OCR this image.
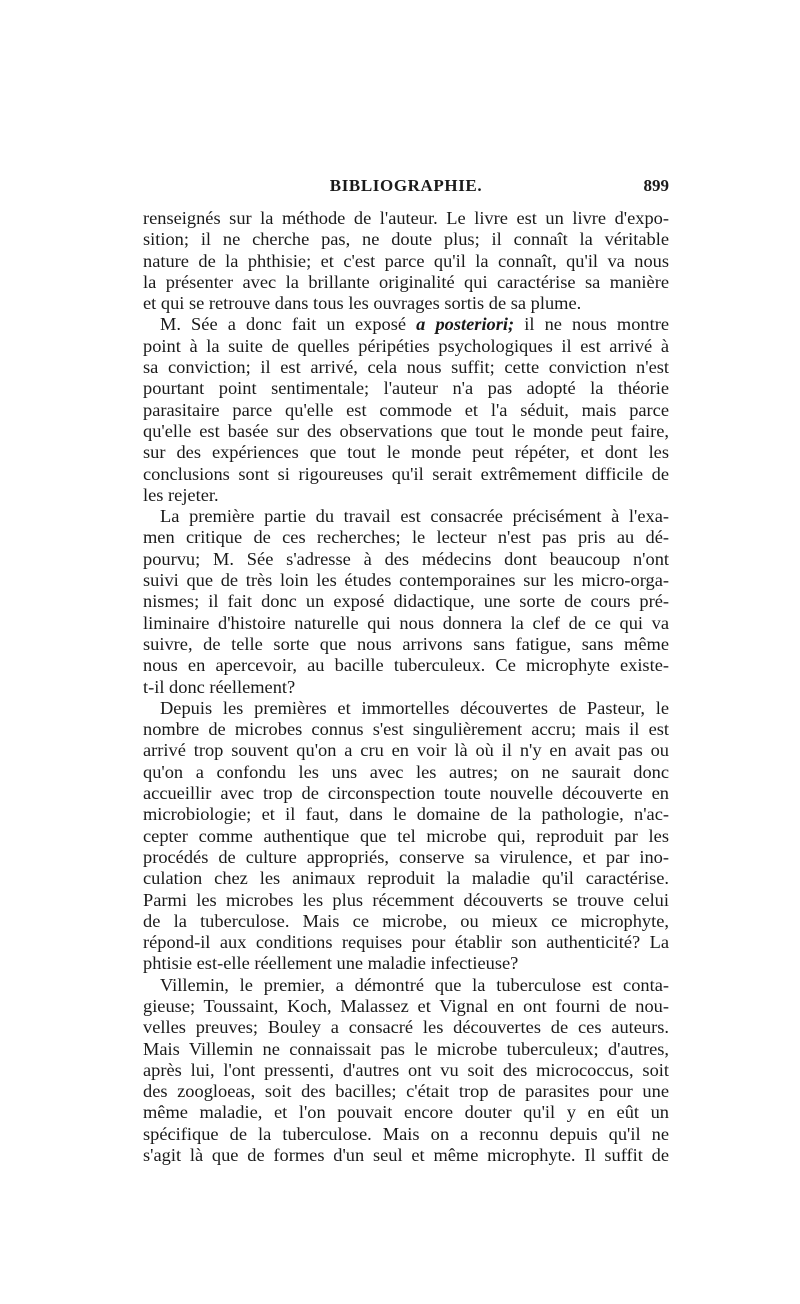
BIBLIOGRAPHIE.	899
renseignés sur la méthode de l'auteur. Le livre est un livre d'expo-
sition; il ne cherche pas, ne doute plus; il connaît la véritable
nature de la phthisie; et c'est parce qu'il la connaît, qu'il va nous
la présenter avec la brillante originalité qui caractérise sa manière
et qui se retrouve dans tous les ouvrages sortis de sa plume.
M. Sée a donc fait un exposé a posteriori; il ne nous montre
point à la suite de quelles péripéties psychologiques il est arrivé à
sa conviction; il est arrivé, cela nous suffit; cette conviction n'est
pourtant point sentimentale; l'auteur n'a pas adopté la théorie
parasitaire parce qu'elle est commode et l'a séduit, mais parce
qu'elle est basée sur des observations que tout le monde peut faire,
sur des expériences que tout le monde peut répéter, et dont les
conclusions sont si rigoureuses qu'il serait extrêmement difficile de
les rejeter.
La première partie du travail est consacrée précisément à l'exa-
men critique de ces recherches; le lecteur n'est pas pris au dé-
pourvu; M. Sée s'adresse à des médecins dont beaucoup n'ont
suivi que de très loin les études contemporaines sur les micro-orga-
nismes; il fait donc un exposé didactique, une sorte de cours pré-
liminaire d'histoire naturelle qui nous donnera la clef de ce qui va
suivre, de telle sorte que nous arrivons sans fatigue, sans même
nous en apercevoir, au bacille tuberculeux. Ce microphyte existe-
t-il donc réellement?
Depuis les premières et immortelles découvertes de Pasteur, le
nombre de microbes connus s'est singulièrement accru; mais il est
arrivé trop souvent qu'on a cru en voir là où il n'y en avait pas ou
qu'on a confondu les uns avec les autres; on ne saurait donc
accueillir avec trop de circonspection toute nouvelle découverte en
microbiologie; et il faut, dans le domaine de la pathologie, n'ac-
cepter comme authentique que tel microbe qui, reproduit par les
procédés de culture appropriés, conserve sa virulence, et par ino-
culation chez les animaux reproduit la maladie qu'il caractérise.
Parmi les microbes les plus récemment découverts se trouve celui
de la tuberculose. Mais ce microbe, ou mieux ce microphyte,
répond-il aux conditions requises pour établir son authenticité? La
phtisie est-elle réellement une maladie infectieuse?
Villemin, le premier, a démontré que la tuberculose est conta-
gieuse; Toussaint, Koch, Malassez et Vignal en ont fourni de nou-
velles preuves; Bouley a consacré les découvertes de ces auteurs.
Mais Villemin ne connaissait pas le microbe tuberculeux; d'autres,
après lui, l'ont pressenti, d'autres ont vu soit des micrococcus, soit
des zoogloeas, soit des bacilles; c'était trop de parasites pour une
même maladie, et l'on pouvait encore douter qu'il y en eût un
spécifique de la tuberculose. Mais on a reconnu depuis qu'il ne
s'agit là que de formes d'un seul et même microphyte. Il suffit de
